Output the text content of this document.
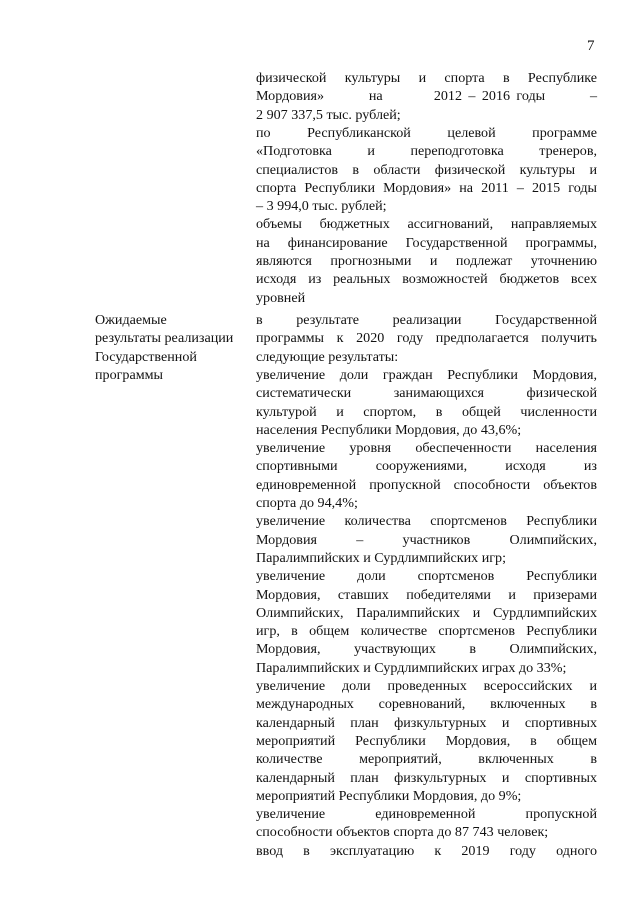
7
физической культуры и спорта в Республике
Мордовия»       на        2012 – 2016 годы       –
2 907 337,5 тыс. рублей;
по Республиканской целевой программе
«Подготовка и переподготовка тренеров,
специалистов в области физической культуры и
спорта Республики Мордовия» на 2011 – 2015 годы
– 3 994,0 тыс. рублей;
объемы бюджетных ассигнований, направляемых
на финансирование Государственной программы,
являются прогнозными и подлежат уточнению
исходя из реальных возможностей бюджетов всех
уровней
Ожидаемые
результаты реализации
Государственной
программы
в результате реализации Государственной
программы к 2020 году предполагается получить
следующие результаты:
увеличение доли граждан Республики Мордовия,
систематически занимающихся физической
культурой и спортом, в общей численности
населения Республики Мордовия, до 43,6%;
увеличение уровня обеспеченности населения
спортивными сооружениями, исходя из
единовременной пропускной способности объектов
спорта до 94,4%;
увеличение количества спортсменов Республики
Мордовия – участников Олимпийских,
Паралимпийских и Сурдлимпийских игр;
увеличение доли спортсменов Республики
Мордовия, ставших победителями и призерами
Олимпийских, Паралимпийских и Сурдлимпийских
игр, в общем количестве спортсменов Республики
Мордовия, участвующих в Олимпийских,
Паралимпийских и Сурдлимпийских играх до 33%;
увеличение доли проведенных всероссийских и
международных соревнований, включенных в
календарный план физкультурных и спортивных
мероприятий Республики Мордовия, в общем
количестве мероприятий, включенных в
календарный план физкультурных и спортивных
мероприятий Республики Мордовия, до 9%;
увеличение единовременной пропускной
способности объектов спорта до 87 743 человек;
ввод в эксплуатацию к 2019 году одного
